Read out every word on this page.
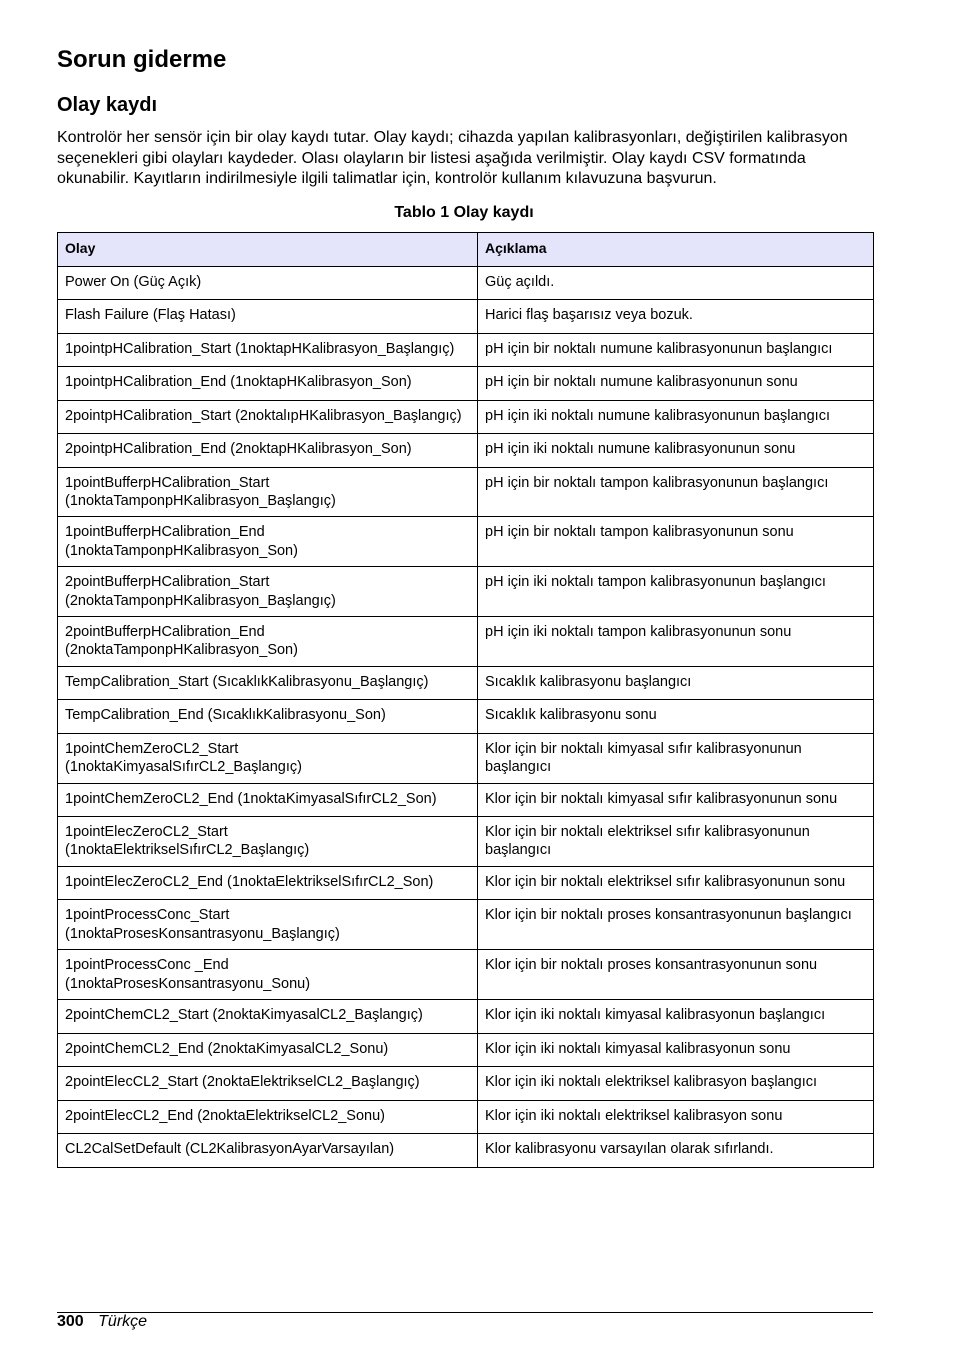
Sorun giderme
Olay kaydı

Kontrolör her sensör için bir olay kaydı tutar. Olay kaydı; cihazda yapılan kalibrasyonları, değiştirilen kalibrasyon seçenekleri gibi olayları kaydeder. Olası olayların bir listesi aşağıda verilmiştir. Olay kaydı CSV formatında okunabilir. Kayıtların indirilmesiyle ilgili talimatlar için, kontrolör kullanım kılavuzuna başvurun.

Tablo 1 Olay kaydı
Olay	Açıklama
Power On (Güç Açık)	Güç açıldı.
Flash Failure (Flaş Hatası)	Harici flaş başarısız veya bozuk.
1pointpHCalibration_Start (1noktapHKalibrasyon_Başlangıç)	pH için bir noktalı numune kalibrasyonunun başlangıcı
1pointpHCalibration_End (1noktapHKalibrasyon_Son)	pH için bir noktalı numune kalibrasyonunun sonu
2pointpHCalibration_Start (2noktalıpHKalibrasyon_Başlangıç)	pH için iki noktalı numune kalibrasyonunun başlangıcı
2pointpHCalibration_End (2noktapHKalibrasyon_Son)	pH için iki noktalı numune kalibrasyonunun sonu
1pointBufferpHCalibration_Start (1noktaTamponpHKalibrasyon_Başlangıç)	pH için bir noktalı tampon kalibrasyonunun başlangıcı
1pointBufferpHCalibration_End (1noktaTamponpHKalibrasyon_Son)	pH için bir noktalı tampon kalibrasyonunun sonu
2pointBufferpHCalibration_Start (2noktaTamponpHKalibrasyon_Başlangıç)	pH için iki noktalı tampon kalibrasyonunun başlangıcı
2pointBufferpHCalibration_End (2noktaTamponpHKalibrasyon_Son)	pH için iki noktalı tampon kalibrasyonunun sonu
TempCalibration_Start (SıcaklıkKalibrasyonu_Başlangıç)	Sıcaklık kalibrasyonu başlangıcı
TempCalibration_End (SıcaklıkKalibrasyonu_Son)	Sıcaklık kalibrasyonu sonu
1pointChemZeroCL2_Start (1noktaKimyasalSıfırCL2_Başlangıç)	Klor için bir noktalı kimyasal sıfır kalibrasyonunun başlangıcı
1pointChemZeroCL2_End (1noktaKimyasalSıfırCL2_Son)	Klor için bir noktalı kimyasal sıfır kalibrasyonunun sonu
1pointElecZeroCL2_Start (1noktaElektrikselSıfırCL2_Başlangıç)	Klor için bir noktalı elektriksel sıfır kalibrasyonunun başlangıcı
1pointElecZeroCL2_End (1noktaElektrikselSıfırCL2_Son)	Klor için bir noktalı elektriksel sıfır kalibrasyonunun sonu
1pointProcessConc_Start (1noktaProsesKonsantrasyonu_Başlangıç)	Klor için bir noktalı proses konsantrasyonunun başlangıcı
1pointProcessConc _End (1noktaProsesKonsantrasyonu_Sonu)	Klor için bir noktalı proses konsantrasyonunun sonu
2pointChemCL2_Start (2noktaKimyasalCL2_Başlangıç)	Klor için iki noktalı kimyasal kalibrasyonun başlangıcı
2pointChemCL2_End (2noktaKimyasalCL2_Sonu)	Klor için iki noktalı kimyasal kalibrasyonun sonu
2pointElecCL2_Start (2noktaElektrikselCL2_Başlangıç)	Klor için iki noktalı elektriksel kalibrasyon başlangıcı
2pointElecCL2_End (2noktaElektrikselCL2_Sonu)	Klor için iki noktalı elektriksel kalibrasyon sonu
CL2CalSetDefault (CL2KalibrasyonAyarVarsayılan)	Klor kalibrasyonu varsayılan olarak sıfırlandı.
300 Türkçe
